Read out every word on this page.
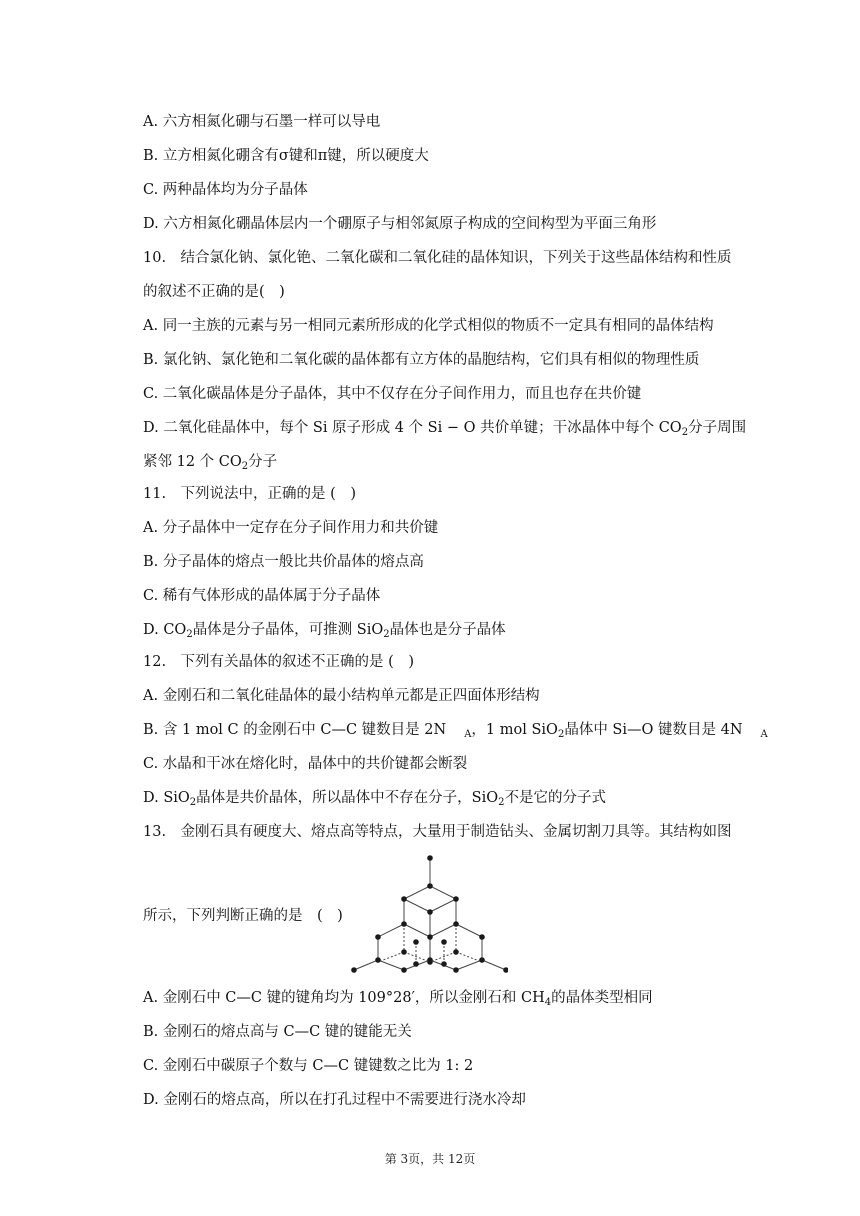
A. 六方相氮化硼与石墨一样可以导电
B. 立方相氮化硼含有σ键和π键，所以硬度大
C. 两种晶体均为分子晶体
D. 六方相氮化硼晶体层内一个硼原子与相邻氮原子构成的空间构型为平面三角形
10.　结合氯化钠、氯化铯、二氧化碳和二氧化硅的晶体知识，下列关于这些晶体结构和性质
的叙述不正确的是(　)
A. 同一主族的元素与另一相同元素所形成的化学式相似的物质不一定具有相同的晶体结构
B. 氯化钠、氯化铯和二氧化碳的晶体都有立方体的晶胞结构，它们具有相似的物理性质
C. 二氧化碳晶体是分子晶体，其中不仅存在分子间作用力，而且也存在共价键
D. 二氧化硅晶体中，每个 Si 原子形成 4 个 Si − O 共价单键；干冰晶体中每个 $CO_2$分子周围
紧邻 12 个 $CO_2$分子
11.　下列说法中，正确的是 (　)
A. 分子晶体中一定存在分子间作用力和共价键
B. 分子晶体的熔点一般比共价晶体的熔点高
C. 稀有气体形成的晶体属于分子晶体
D. $CO_2$晶体是分子晶体，可推测 SiO$_2$晶体也是分子晶体
12.　下列有关晶体的叙述不正确的是 (　)
A. 金刚石和二氧化硅晶体的最小结构单元都是正四面体形结构
B. 含 1 mol C 的金刚石中 C—C 键数目是 2N $_A$，1 mol SiO$_2$晶体中 Si—O 键数目是 4N $_A$
C. 水晶和干冰在熔化时，晶体中的共价键都会断裂
D. SiO$_2$晶体是共价晶体，所以晶体中不存在分子，SiO$_2$不是它的分子式
13.　金刚石具有硬度大、熔点高等特点，大量用于制造钻头、金属切割刀具等。其结构如图
所示，下列判断正确的是　(　)
A. 金刚石中 C—C 键的键角均为 109°28′，所以金刚石和 $CH_4$的晶体类型相同
B. 金刚石的熔点高与 C—C 键的键能无关
C. 金刚石中碳原子个数与 C—C 键键数之比为 1: 2
D. 金刚石的熔点高，所以在打孔过程中不需要进行浇水冷却
第 3页，共 12页
